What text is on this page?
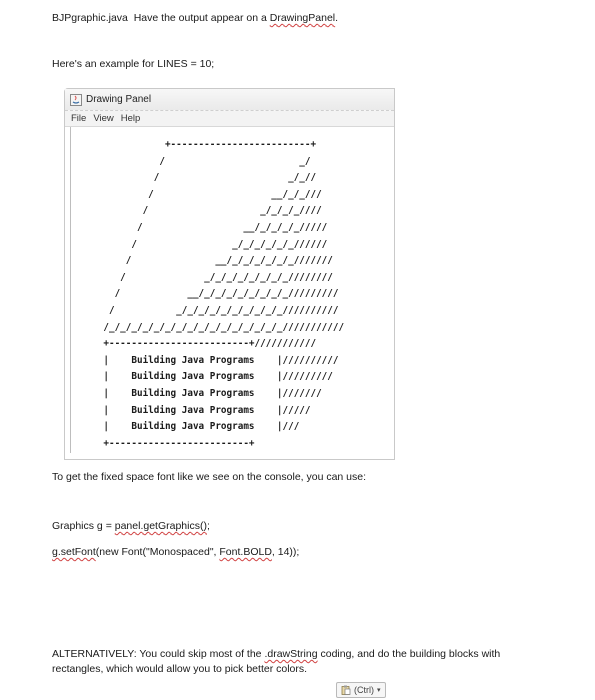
BJPgraphic.java Have the output appear on a DrawingPanel.

Here's an example for LINES = 10;

Drawing Panel
File View Help
+-------------------------+
/                        _/
/                       _/_//
/                     __/_/_///
/                    _/_/_/_////
/                  __/_/_/_/_/////
/                 _/_/_/_/_/_//////
/               __/_/_/_/_/_/_///////
/              _/_/_/_/_/_/_/_////////
/            __/_/_/_/_/_/_/_/_/////////
/           _/_/_/_/_/_/_/_/_/_//////////
/_/_/_/_/_/_/_/_/_/_/_/_/_/_/_/_///////////
+-------------------------+///////////
|    Building Java Programs    |//////////
|    Building Java Programs    |/////////
|    Building Java Programs    |///////
|    Building Java Programs    |/////
|    Building Java Programs    |///
+-------------------------+

To get the fixed space font like we see on the console, you can use:

Graphics g = panel.getGraphics();

g.setFont(new Font("Monospaced", Font.BOLD, 14));

ALTERNATIVELY: You could skip most of the .drawString coding, and do the building blocks with

rectangles, which would allow you to pick better colors.

(Ctrl) ▾
